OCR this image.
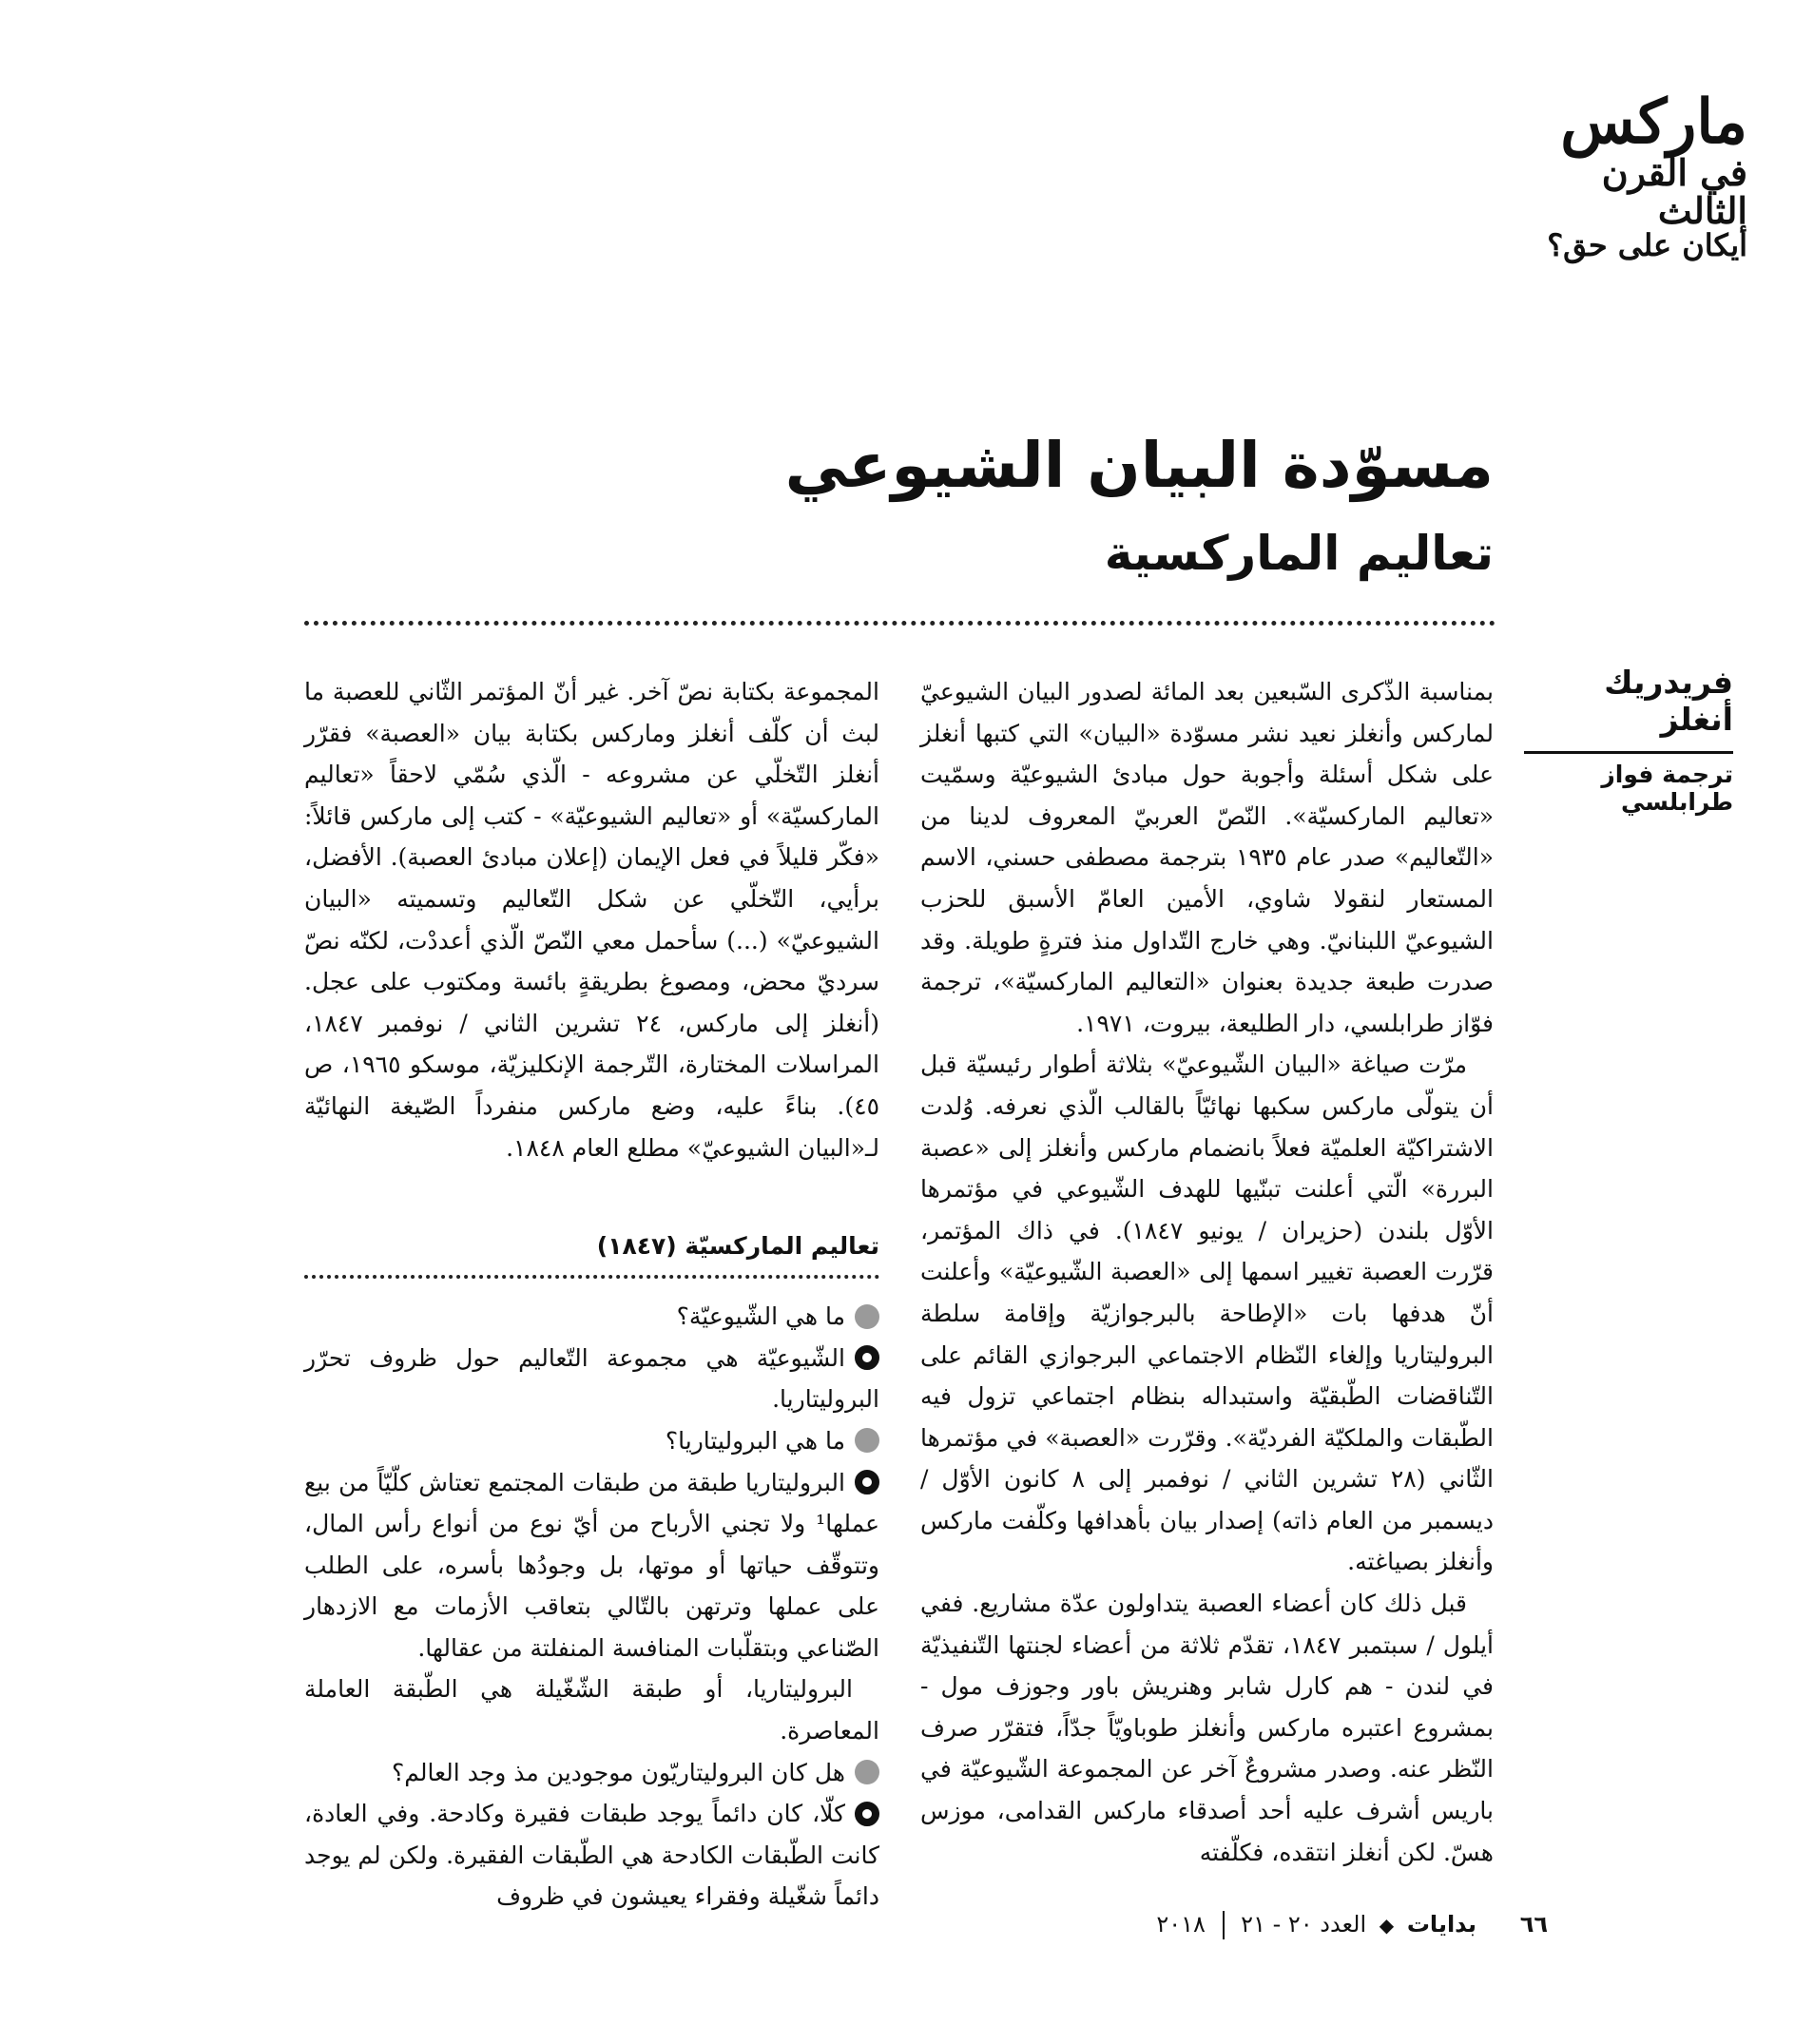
ماركس
في القرن الثالث
أيكان على حق؟
مسوّدة البيان الشيوعي
تعاليم الماركسية
فريدريك أنغلز
ترجمة فواز طرابلسي

بمناسبة الذّكرى السّبعين بعد المائة لصدور البيان الشيوعيّ لماركس وأنغلز نعيد نشر مسوّدة «البيان» التي كتبها أنغلز على شكل أسئلة وأجوبة حول مبادئ الشيوعيّة وسمّيت «تعاليم الماركسيّة». النّصّ العربيّ المعروف لدينا من «التّعاليم» صدر عام ١٩٣٥ بترجمة مصطفى حسني، الاسم المستعار لنقولا شاوي، الأمين العامّ الأسبق للحزب الشيوعيّ اللبنانيّ. وهي خارج التّداول منذ فترةٍ طويلة. وقد صدرت طبعة جديدة بعنوان «التعاليم الماركسيّة»، ترجمة فوّاز طرابلسي، دار الطليعة، بيروت، ١٩٧١.

مرّت صياغة «البيان الشّيوعيّ» بثلاثة أطوار رئيسيّة قبل أن يتولّى ماركس سكبها نهائيّاً بالقالب الّذي نعرفه. وُلدت الاشتراكيّة العلميّة فعلاً بانضمام ماركس وأنغلز إلى «عصبة البررة» الّتي أعلنت تبنّيها للهدف الشّيوعي في مؤتمرها الأوّل بلندن (حزيران / يونيو ١٨٤٧). في ذاك المؤتمر، قرّرت العصبة تغيير اسمها إلى «العصبة الشّيوعيّة» وأعلنت أنّ هدفها بات «الإطاحة بالبرجوازيّة وإقامة سلطة البروليتاريا وإلغاء النّظام الاجتماعي البرجوازي القائم على التّناقضات الطّبقيّة واستبداله بنظام اجتماعي تزول فيه الطّبقات والملكيّة الفرديّة». وقرّرت «العصبة» في مؤتمرها الثّاني (٢٨ تشرين الثاني / نوفمبر إلى ٨ كانون الأوّل / ديسمبر من العام ذاته) إصدار بيان بأهدافها وكلّفت ماركس وأنغلز بصياغته.

قبل ذلك كان أعضاء العصبة يتداولون عدّة مشاريع. ففي أيلول / سبتمبر ١٨٤٧، تقدّم ثلاثة من أعضاء لجنتها التّنفيذيّة في لندن - هم كارل شابر وهنريش باور وجوزف مول - بمشروع اعتبره ماركس وأنغلز طوباويّاً جدّاً، فتقرّر صرف النّظر عنه. وصدر مشروعٌ آخر عن المجموعة الشّيوعيّة في باريس أشرف عليه أحد أصدقاء ماركس القدامى، موزس هسّ. لكن أنغلز انتقده، فكلّفته

المجموعة بكتابة نصّ آخر. غير أنّ المؤتمر الثّاني للعصبة ما لبث أن كلّف أنغلز وماركس بكتابة بيان «العصبة» فقرّر أنغلز التّخلّي عن مشروعه - الّذي سُمّي لاحقاً «تعاليم الماركسيّة» أو «تعاليم الشيوعيّة» - كتب إلى ماركس قائلاً: «فكّر قليلاً في فعل الإيمان (إعلان مبادئ العصبة). الأفضل، برأيي، التّخلّي عن شكل التّعاليم وتسميته «البيان الشيوعيّ» (...) سأحمل معي النّصّ الّذي أعددْت، لكنّه نصّ سرديّ محض، ومصوغ بطريقةٍ بائسة ومكتوب على عجل. (أنغلز إلى ماركس، ٢٤ تشرين الثاني / نوفمبر ١٨٤٧، المراسلات المختارة، التّرجمة الإنكليزيّة، موسكو ١٩٦٥، ص ٤٥). بناءً عليه، وضع ماركس منفرداً الصّيغة النهائيّة لـ«البيان الشيوعيّ» مطلع العام ١٨٤٨.

تعاليم الماركسيّة (١٨٤٧)

ما هي الشّيوعيّة؟

الشّيوعيّة هي مجموعة التّعاليم حول ظروف تحرّر البروليتاريا.

ما هي البروليتاريا؟

البروليتاريا طبقة من طبقات المجتمع تعتاش كلّيّاً من بيع عملها¹ ولا تجني الأرباح من أيّ نوع من أنواع رأس المال، وتتوقّف حياتها أو موتها، بل وجودُها بأسره، على الطلب على عملها وترتهن بالتّالي بتعاقب الأزمات مع الازدهار الصّناعي وبتقلّبات المنافسة المنفلتة من عقالها.

البروليتاريا، أو طبقة الشّغّيلة هي الطّبقة العاملة المعاصرة.

هل كان البروليتاريّون موجودين مذ وجد العالم؟

كلّا، كان دائماً يوجد طبقات فقيرة وكادحة. وفي العادة، كانت الطّبقات الكادحة هي الطّبقات الفقيرة. ولكن لم يوجد دائماً شغّيلة وفقراء يعيشون في ظروف

٦٦ بدايات ◆ العدد ٢٠ - ٢١  ٢٠١٨
